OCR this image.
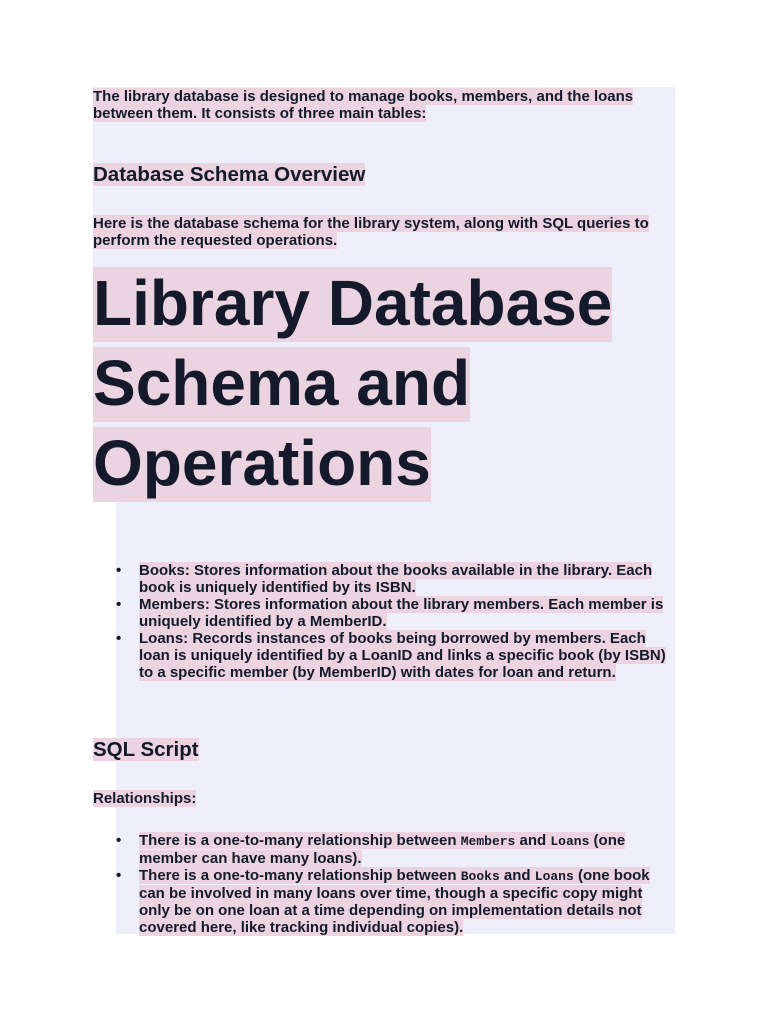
The library database is designed to manage books, members, and the loans between them. It consists of three main tables:

Database Schema Overview

Here is the database schema for the library system, along with SQL queries to perform the requested operations.

Library Database
Schema and
Operations
• Books: Stores information about the books available in the library. Each book is uniquely identified by its ISBN.
• Members: Stores information about the library members. Each member is uniquely identified by a MemberID.
• Loans: Records instances of books being borrowed by members. Each loan is uniquely identified by a LoanID and links a specific book (by ISBN) to a specific member (by MemberID) with dates for loan and return.
SQL Script

Relationships:

• There is a one-to-many relationship between Members and Loans (one member can have many loans).
• There is a one-to-many relationship between Books and Loans (one book can be involved in many loans over time, though a specific copy might only be on one loan at a time depending on implementation details not covered here, like tracking individual copies).
